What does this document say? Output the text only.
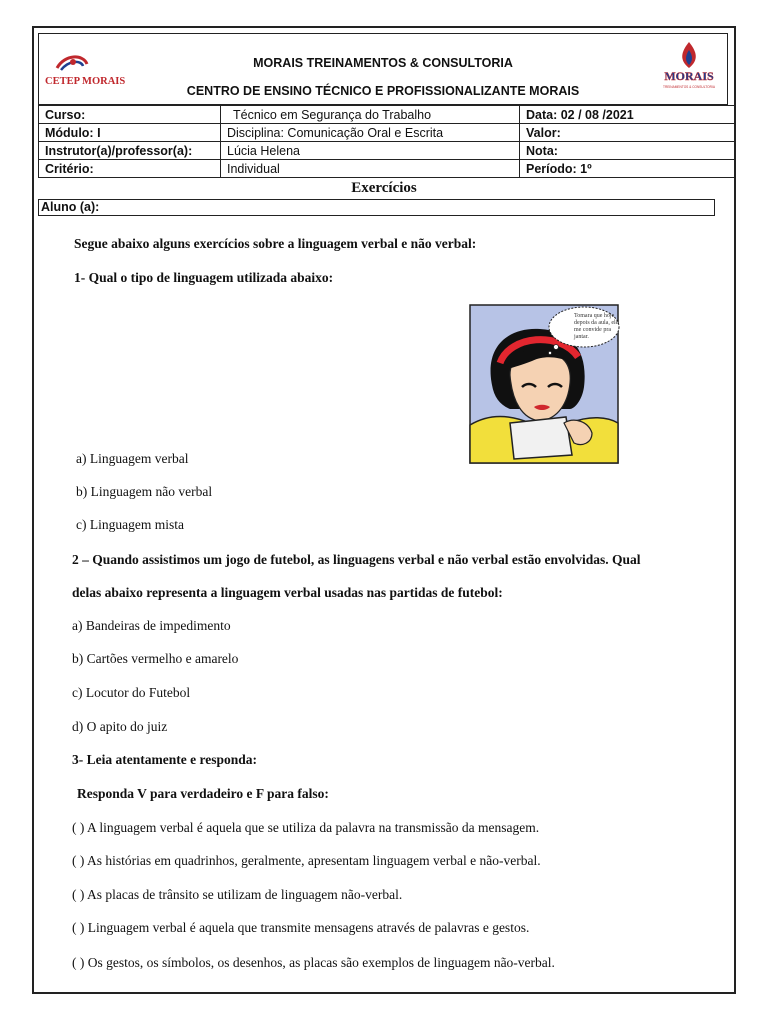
CETEP MORAIS
MORAIS TREINAMENTOS & CONSULTORIA
CENTRO DE ENSINO TÉCNICO E PROFISSIONALIZANTE MORAIS
MORAIS
TREINAMENTOS & CONSULTORIA
Curso:	Técnico em Segurança do Trabalho	Data: 02 / 08 /2021
Módulo: I	Disciplina: Comunicação Oral e Escrita	Valor:
Instrutor(a)/professor(a):	Lúcia Helena	Nota:
Critério:	Individual	Período: 1º
Exercícios
Aluno (a):
Segue abaixo alguns exercícios sobre a linguagem verbal e não verbal:
1- Qual o tipo de linguagem utilizada abaixo:
Tomara que hoje
depois da aula, ele
me convide pra
jantar.
a) Linguagem verbal
b) Linguagem não verbal
c) Linguagem mista
2 – Quando assistimos um jogo de futebol, as linguagens verbal e não verbal estão envolvidas. Qual
delas abaixo representa a linguagem verbal usadas nas partidas de futebol:
a) Bandeiras de impedimento
b) Cartões vermelho e amarelo
c) Locutor do Futebol
d) O apito do juiz
3- Leia atentamente e responda:
Responda V para verdadeiro e F para falso:
( ) A linguagem verbal é aquela que se utiliza da palavra na transmissão da mensagem.
( ) As histórias em quadrinhos, geralmente, apresentam linguagem verbal e não-verbal.
( ) As placas de trânsito se utilizam de linguagem não-verbal.
( ) Linguagem verbal é aquela que transmite mensagens através de palavras e gestos.
( ) Os gestos, os símbolos, os desenhos, as placas são exemplos de linguagem não-verbal.
